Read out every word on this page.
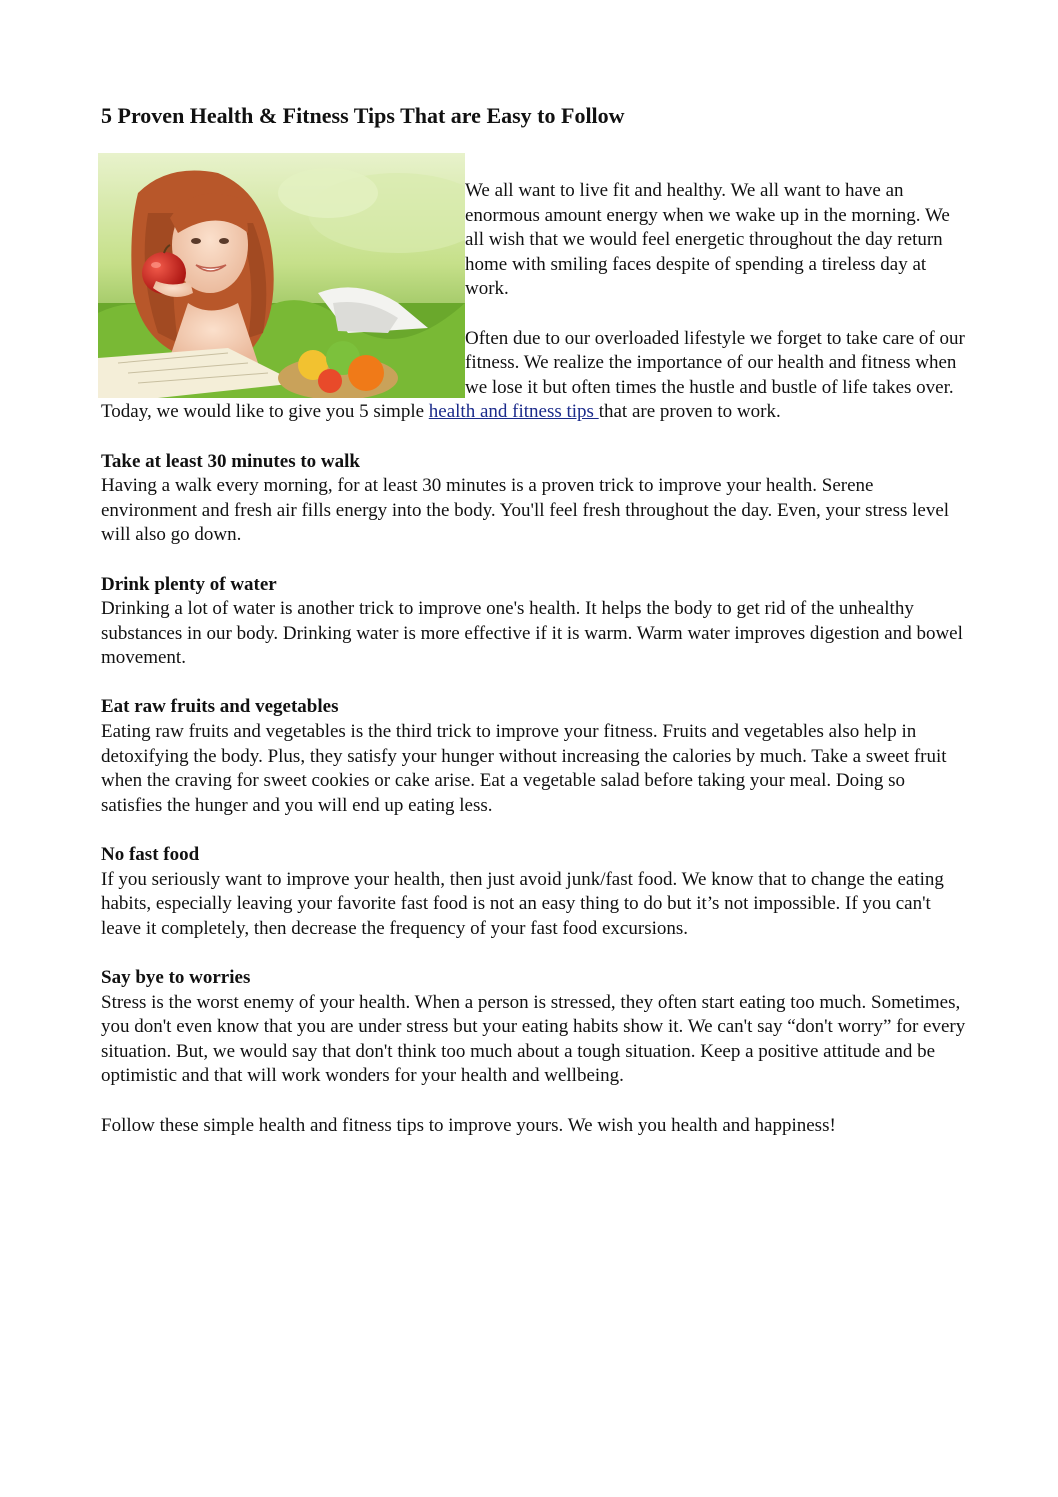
5 Proven Health & Fitness Tips That are Easy to Follow

We all want to live fit and healthy. We all want to have an enormous amount energy when we wake up in the morning. We all wish that we would feel energetic throughout the day return home with smiling faces despite of spending a tireless day at work.

Often due to our overloaded lifestyle we forget to take care of our fitness. We realize the importance of our health and fitness when we lose it but often times the hustle and bustle of life takes over. Today, we would like to give you 5 simple health and fitness tips that are proven to work.

Take at least 30 minutes to walk

Having a walk every morning, for at least 30 minutes is a proven trick to improve your health. Serene environment and fresh air fills energy into the body. You'll feel fresh throughout the day. Even, your stress level will also go down.

Drink plenty of water

Drinking a lot of water is another trick to improve one's health. It helps the body to get rid of the unhealthy substances in our body. Drinking water is more effective if it is warm. Warm water improves digestion and bowel movement.

Eat raw fruits and vegetables

Eating raw fruits and vegetables is the third trick to improve your fitness. Fruits and vegetables also help in detoxifying the body. Plus, they satisfy your hunger without increasing the calories by much. Take a sweet fruit when the craving for sweet cookies or cake arise. Eat a vegetable salad before taking your meal. Doing so satisfies the hunger and you will end up eating less.

No fast food

If you seriously want to improve your health, then just avoid junk/fast food. We know that to change the eating habits, especially leaving your favorite fast food is not an easy thing to do but it’s not impossible. If you can't leave it completely, then decrease the frequency of your fast food excursions.

Say bye to worries

Stress is the worst enemy of your health. When a person is stressed, they often start eating too much. Sometimes, you don't even know that you are under stress but your eating habits show it. We can't say “don't worry” for every situation. But, we would say that don't think too much about a tough situation. Keep a positive attitude and be optimistic and that will work wonders for your health and wellbeing.

Follow these simple health and fitness tips to improve yours. We wish you health and happiness!
